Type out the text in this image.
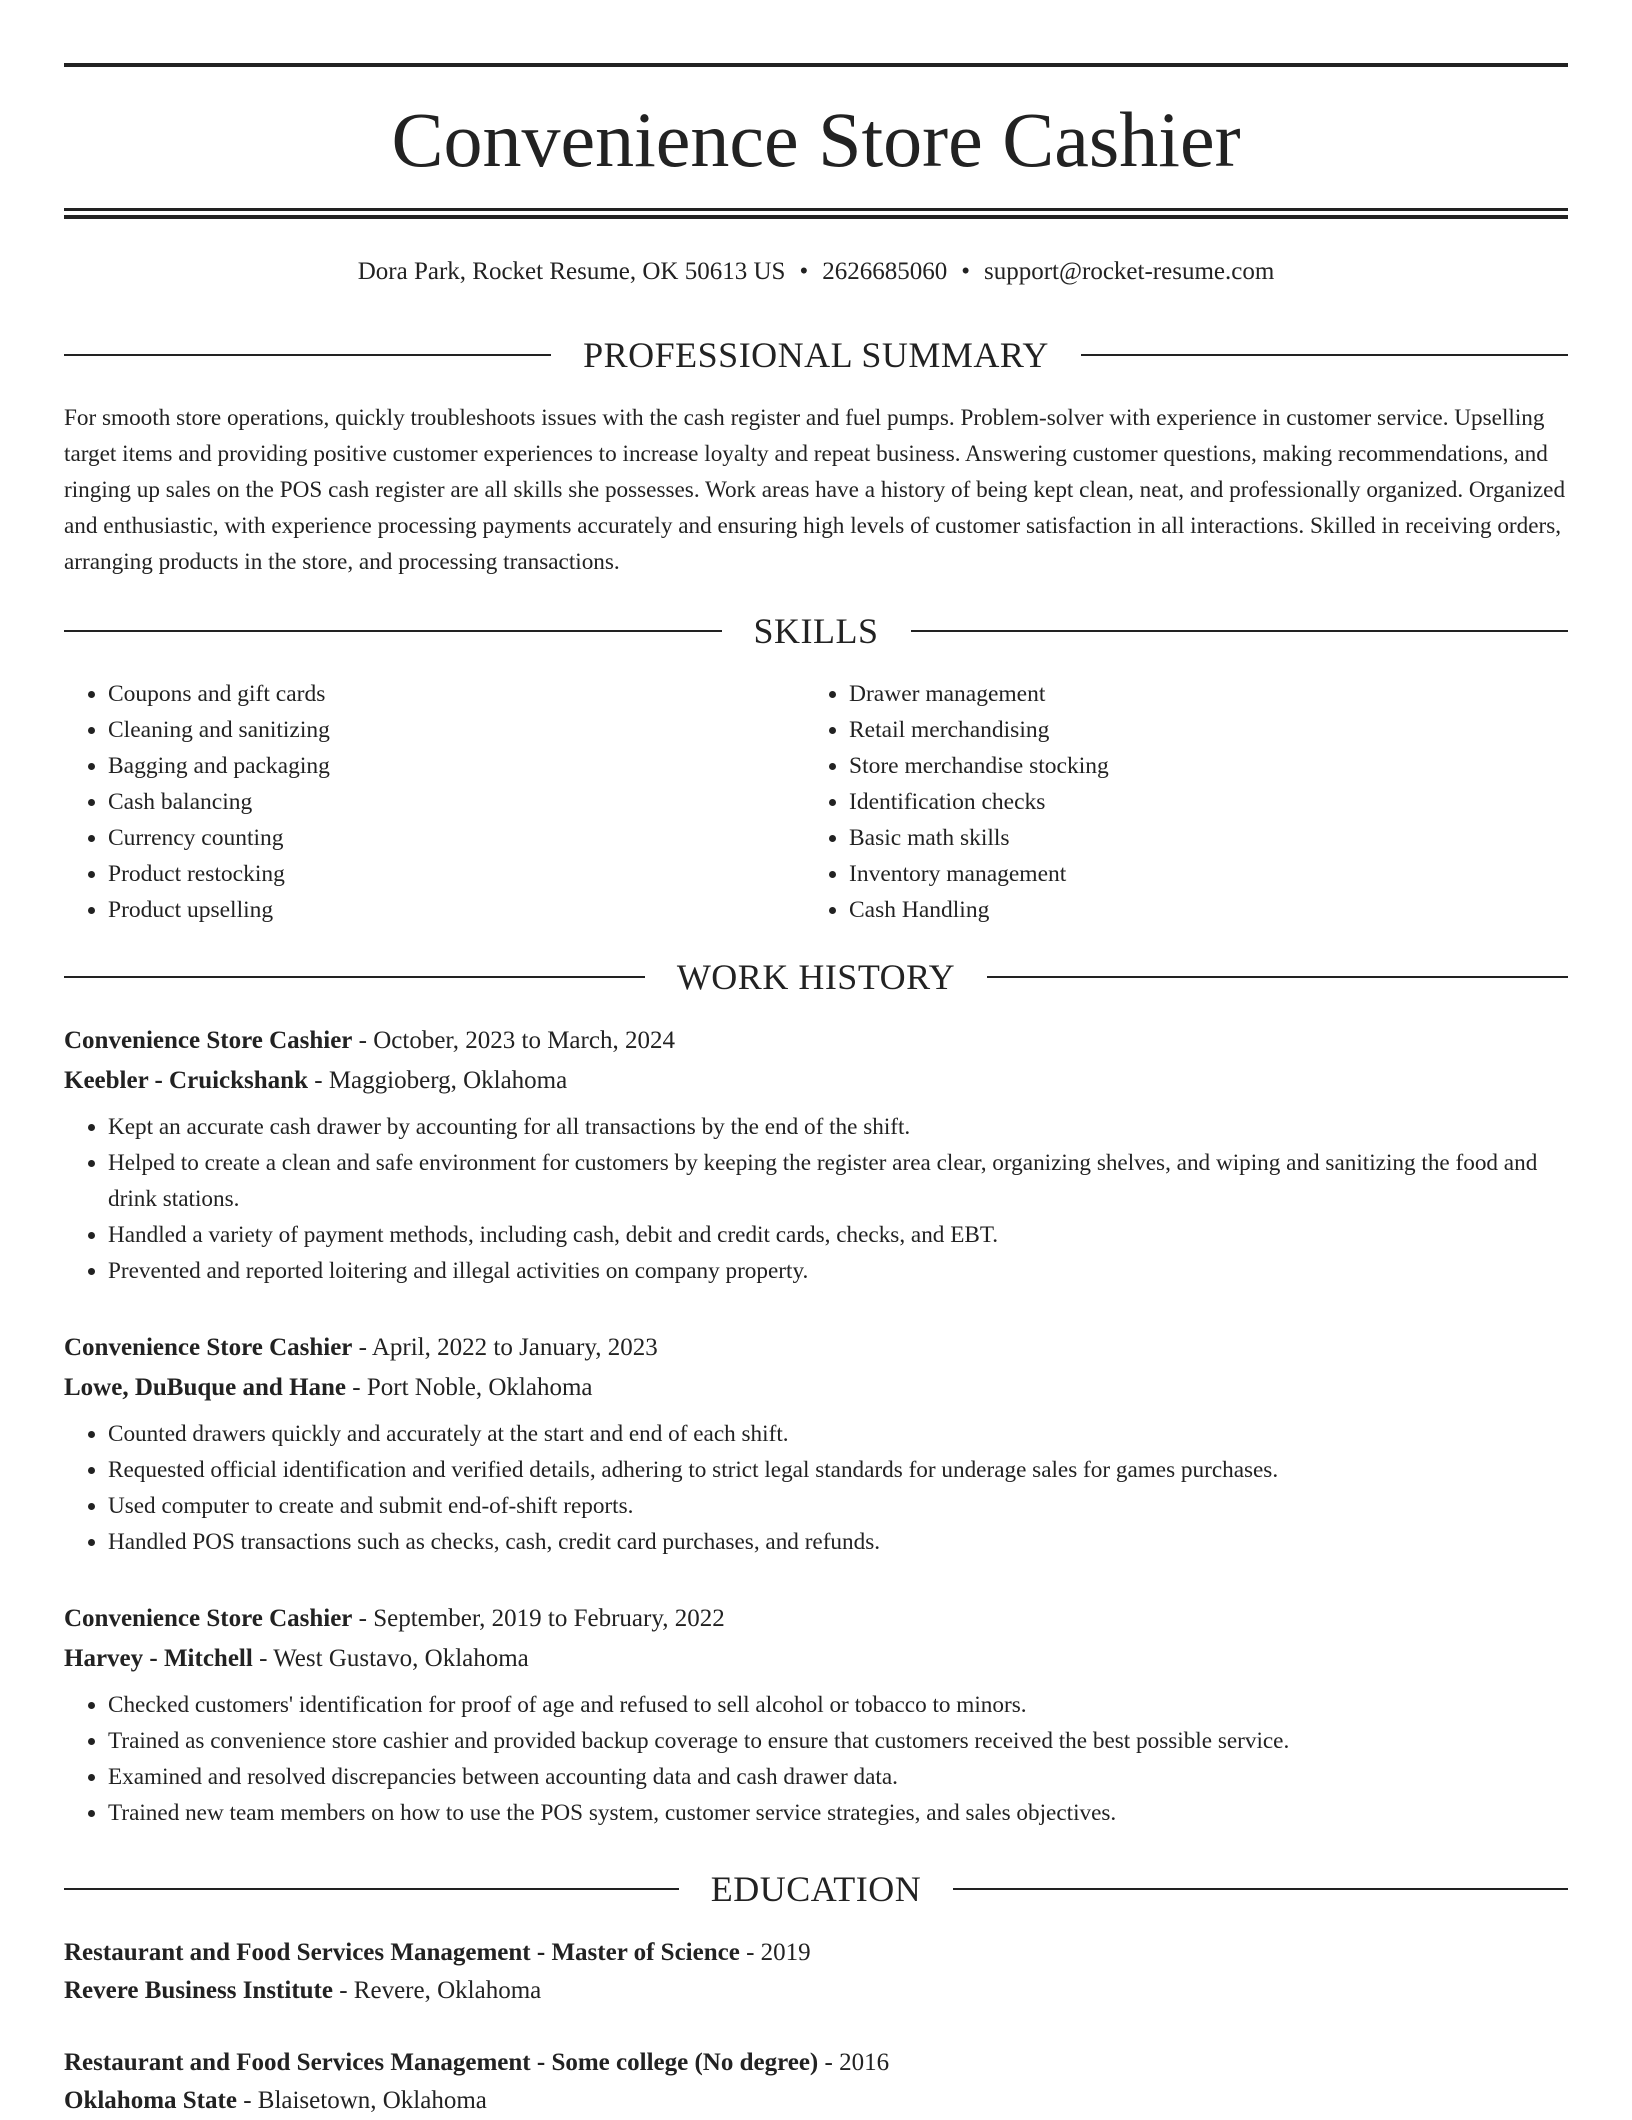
Convenience Store Cashier
Dora Park, Rocket Resume, OK 50613 US • 2626685060 • support@rocket-resume.com
PROFESSIONAL SUMMARY

For smooth store operations, quickly troubleshoots issues with the cash register and fuel pumps. Problem-solver with experience in customer service. Upselling target items and providing positive customer experiences to increase loyalty and repeat business. Answering customer questions, making recommendations, and ringing up sales on the POS cash register are all skills she possesses. Work areas have a history of being kept clean, neat, and professionally organized. Organized and enthusiastic, with experience processing payments accurately and ensuring high levels of customer satisfaction in all interactions. Skilled in receiving orders, arranging products in the store, and processing transactions.

SKILLS
• Coupons and gift cards
• Cleaning and sanitizing
• Bagging and packaging
• Cash balancing
• Currency counting
• Product restocking
• Product upselling
• Drawer management
• Retail merchandising
• Store merchandise stocking
• Identification checks
• Basic math skills
• Inventory management
• Cash Handling
WORK HISTORY
Convenience Store Cashier - October, 2023 to March, 2024
Keebler - Cruickshank - Maggioberg, Oklahoma
• Kept an accurate cash drawer by accounting for all transactions by the end of the shift.
• Helped to create a clean and safe environment for customers by keeping the register area clear, organizing shelves, and wiping and sanitizing the food and drink stations.
• Handled a variety of payment methods, including cash, debit and credit cards, checks, and EBT.
• Prevented and reported loitering and illegal activities on company property.
Convenience Store Cashier - April, 2022 to January, 2023
Lowe, DuBuque and Hane - Port Noble, Oklahoma
• Counted drawers quickly and accurately at the start and end of each shift.
• Requested official identification and verified details, adhering to strict legal standards for underage sales for games purchases.
• Used computer to create and submit end-of-shift reports.
• Handled POS transactions such as checks, cash, credit card purchases, and refunds.
Convenience Store Cashier - September, 2019 to February, 2022
Harvey - Mitchell - West Gustavo, Oklahoma
• Checked customers' identification for proof of age and refused to sell alcohol or tobacco to minors.
• Trained as convenience store cashier and provided backup coverage to ensure that customers received the best possible service.
• Examined and resolved discrepancies between accounting data and cash drawer data.
• Trained new team members on how to use the POS system, customer service strategies, and sales objectives.
EDUCATION
Restaurant and Food Services Management - Master of Science - 2019
Revere Business Institute - Revere, Oklahoma
Restaurant and Food Services Management - Some college (No degree) - 2016
Oklahoma State - Blaisetown, Oklahoma
